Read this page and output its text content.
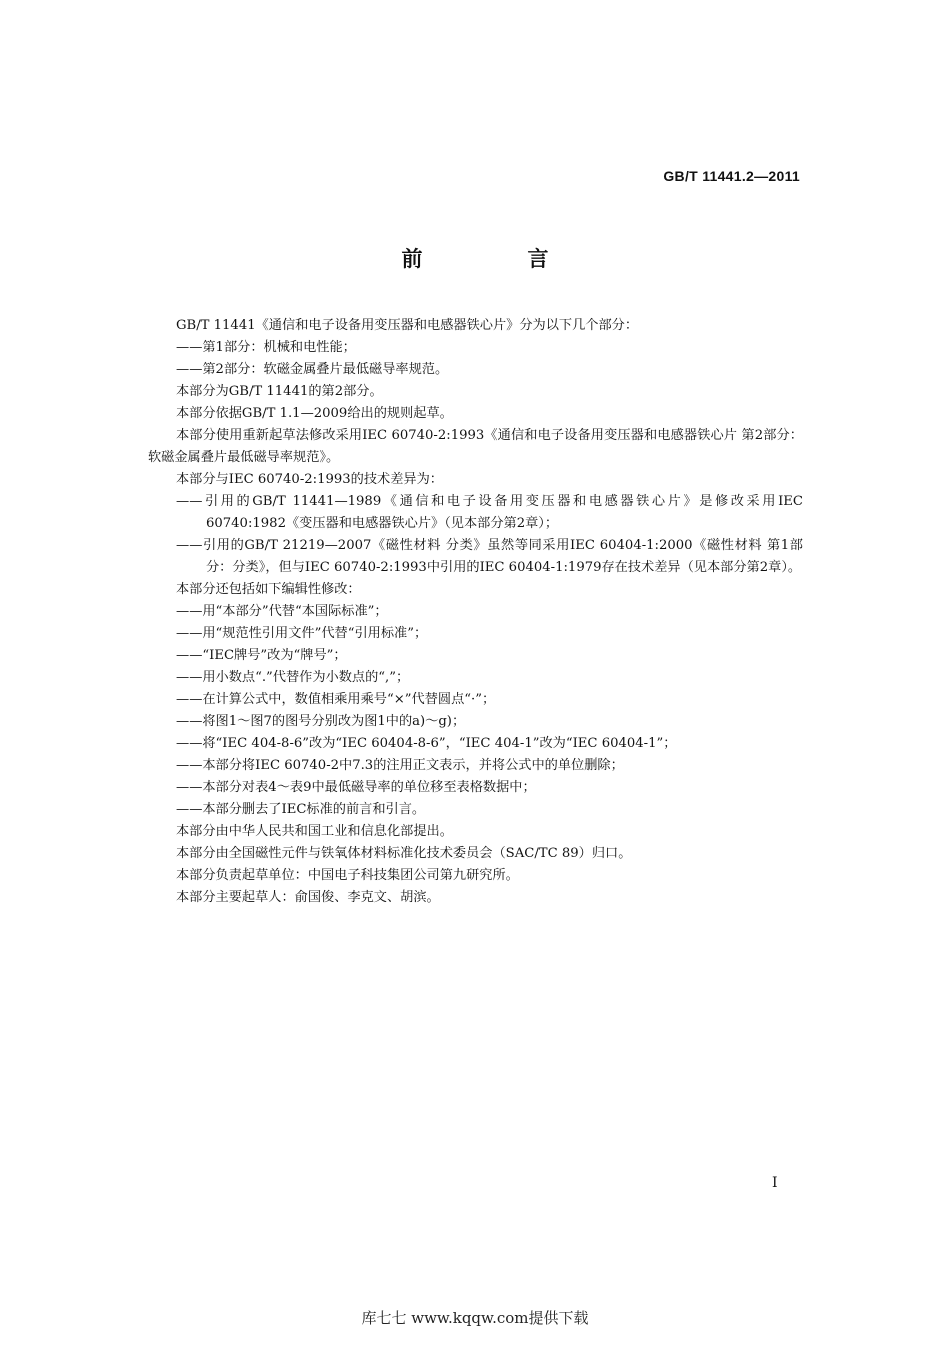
GB/T 11441.2—2011
前　言

GB/T 11441《通信和电子设备用变压器和电感器铁心片》分为以下几个部分：

——第1部分：机械和电性能；

——第2部分：软磁金属叠片最低磁导率规范。

本部分为GB/T 11441的第2部分。

本部分依据GB/T 1.1—2009给出的规则起草。

本部分使用重新起草法修改采用IEC 60740-2:1993《通信和电子设备用变压器和电感器铁心片 第2部分：软磁金属叠片最低磁导率规范》。

本部分与IEC 60740-2:1993的技术差异为：

——引用的GB/T 11441—1989《通信和电子设备用变压器和电感器铁心片》是修改采用IEC 60740:1982《变压器和电感器铁心片》（见本部分第2章）；

——引用的GB/T 21219—2007《磁性材料 分类》虽然等同采用IEC 60404-1:2000《磁性材料 第1部分：分类》，但与IEC 60740-2:1993中引用的IEC 60404-1:1979存在技术差异（见本部分第2章）。

本部分还包括如下编辑性修改：

——用“本部分”代替“本国际标准”；

——用“规范性引用文件”代替“引用标准”；

——“IEC牌号”改为“牌号”；

——用小数点“.”代替作为小数点的“,”；

——在计算公式中，数值相乘用乘号“×”代替圆点“·”；

——将图1～图7的图号分别改为图1中的a)～g)；

——将“IEC 404-8-6”改为“IEC 60404-8-6”，“IEC 404-1”改为“IEC 60404-1”；

——本部分将IEC 60740-2中7.3的注用正文表示，并将公式中的单位删除；

——本部分对表4～表9中最低磁导率的单位移至表格数据中；

——本部分删去了IEC标准的前言和引言。

本部分由中华人民共和国工业和信息化部提出。

本部分由全国磁性元件与铁氧体材料标准化技术委员会（SAC/TC 89）归口。

本部分负责起草单位：中国电子科技集团公司第九研究所。

本部分主要起草人：俞国俊、李克文、胡滨。

I
库七七 www.kqqw.com提供下载
